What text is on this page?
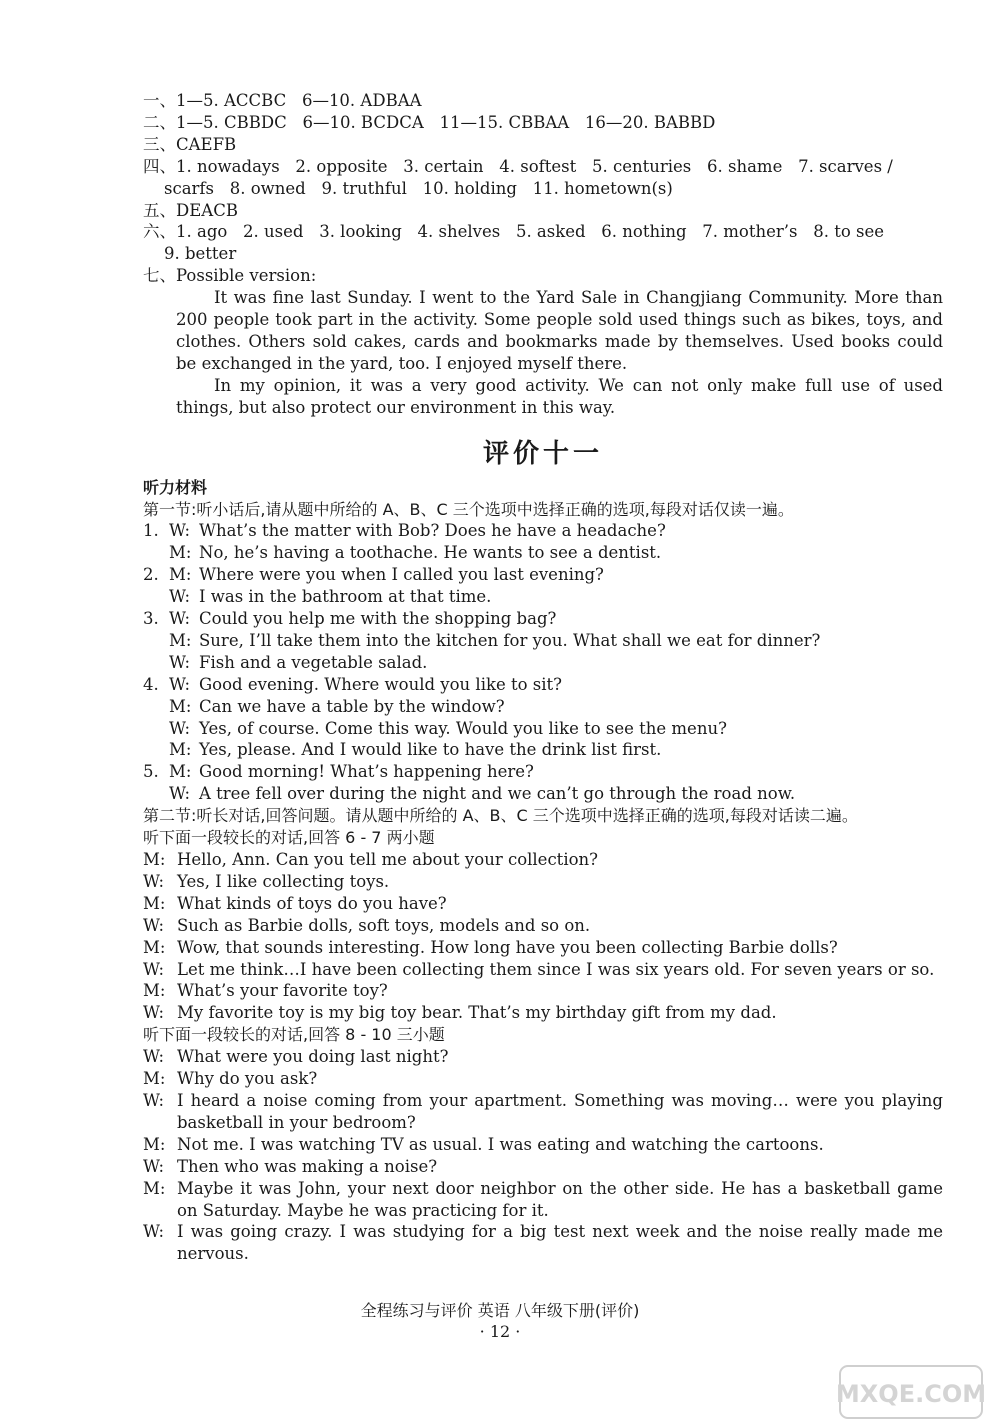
一、1—5. ACCBC   6—10. ADBAA
二、1—5. CBBDC   6—10. BCDCA   11—15. CBBAA   16—20. BABBD
三、CAEFB
四、1. nowadays   2. opposite   3. certain   4. softest   5. centuries   6. shame   7. scarves /
scarfs   8. owned   9. truthful   10. holding   11. hometown(s)
五、DEACB
六、1. ago   2. used   3. looking   4. shelves   5. asked   6. nothing   7. mother’s   8. to see
9. better
七、Possible version:
It was fine last Sunday. I went to the Yard Sale in Changjiang Community. More than 200 people took part in the activity. Some people sold used things such as bikes, toys, and clothes. Others sold cakes, cards and bookmarks made by themselves. Used books could be exchanged in the yard, too. I enjoyed myself there.
In my opinion, it was a very good activity. We can not only make full use of used things, but also protect our environment in this way.
评价十一
听力材料
第一节:听小话后,请从题中所给的 A、B、C 三个选项中选择正确的选项,每段对话仅读一遍。
1. W: What’s the matter with Bob? Does he have a headache?
M: No, he’s having a toothache. He wants to see a dentist.
2. M: Where were you when I called you last evening?
W: I was in the bathroom at that time.
3. W: Could you help me with the shopping bag?
M: Sure, I’ll take them into the kitchen for you. What shall we eat for dinner?
W: Fish and a vegetable salad.
4. W: Good evening. Where would you like to sit?
M: Can we have a table by the window?
W: Yes, of course. Come this way. Would you like to see the menu?
M: Yes, please. And I would like to have the drink list first.
5. M: Good morning! What’s happening here?
W: A tree fell over during the night and we can’t go through the road now.
第二节:听长对话,回答问题。请从题中所给的 A、B、C 三个选项中选择正确的选项,每段对话读二遍。
听下面一段较长的对话,回答 6 - 7 两小题
M: Hello, Ann. Can you tell me about your collection?
W: Yes, I like collecting toys.
M: What kinds of toys do you have?
W: Such as Barbie dolls, soft toys, models and so on.
M: Wow, that sounds interesting. How long have you been collecting Barbie dolls?
W: Let me think…I have been collecting them since I was six years old. For seven years or so.
M: What’s your favorite toy?
W: My favorite toy is my big toy bear. That’s my birthday gift from my dad.
听下面一段较长的对话,回答 8 - 10 三小题
W: What were you doing last night?
M: Why do you ask?
W: I heard a noise coming from your apartment. Something was moving… were you playing basketball in your bedroom?
M: Not me. I was watching TV as usual. I was eating and watching the cartoons.
W: Then who was making a noise?
M: Maybe it was John, your next door neighbor on the other side. He has a basketball game on Saturday. Maybe he was practicing for it.
W: I was going crazy. I was studying for a big test next week and the noise really made me nervous.
全程练习与评价 英语 八年级下册(评价)
· 12 ·
MXQE.COM
